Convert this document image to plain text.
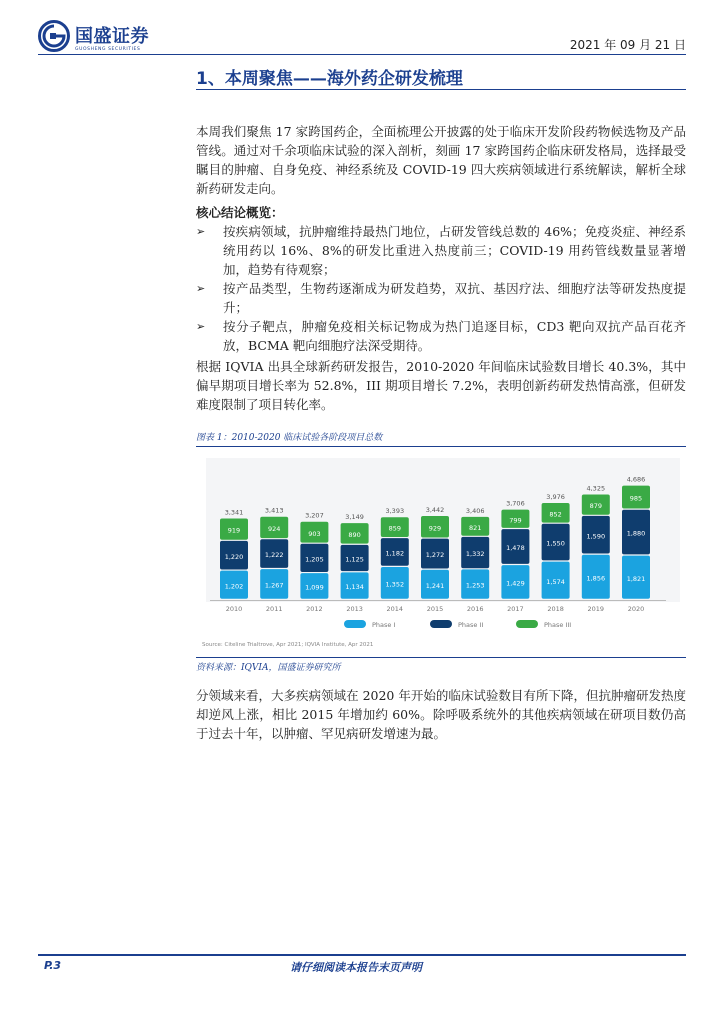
国盛证券
GUOSHENG SECURITIES	2021 年 09 月 21 日
1、本周聚焦——海外药企研发梳理

本周我们聚焦 17 家跨国药企，全面梳理公开披露的处于临床开发阶段药物候选物及产品管线。通过对千余项临床试验的深入剖析，刻画 17 家跨国药企临床研发格局，选择最受瞩目的肿瘤、自身免疫、神经系统及 COVID-19 四大疾病领域进行系统解读，解析全球新药研发走向。

核心结论概览：
➢ 按疾病领域，抗肿瘤维持最热门地位，占研发管线总数的 46%；免疫炎症、神经系统用药以 16%、8%的研发比重进入热度前三；COVID-19 用药管线数量显著增加，趋势有待观察；
➢ 按产品类型，生物药逐渐成为研发趋势，双抗、基因疗法、细胞疗法等研发热度提升；
➢ 按分子靶点，肿瘤免疫相关标记物成为热门追逐目标，CD3 靶向双抗产品百花齐放，BCMA 靶向细胞疗法深受期待。

根据 IQVIA 出具全球新药研发报告，2010-2020 年间临床试验数目增长 40.3%，其中偏早期项目增长率为 52.8%，III 期项目增长 7.2%，表明创新药研发热情高涨，但研发难度限制了项目转化率。

图表 1：2010-2020 临床试验各阶段项目总数
1,202
1,220
919
3,341
2010
1,267
1,222
924
3,413
2011
1,099
1,205
903
3,207
2012
1,134
1,125
890
3,149
2013
1,352
1,182
859
3,393
2014
1,241
1,272
929
3,442
2015
1,253
1,332
821
3,406
2016
1,429
1,478
799
3,706
2017
1,574
1,550
852
3,976
2018
1,856
1,590
879
4,325
2019
1,821
1,880
985
4,686
2020
Phase I	Phase II	Phase III
Source: Citeline Trialtrove, Apr 2021; IQVIA Institute, Apr 2021
资料来源：IQVIA，国盛证券研究所

分领域来看，大多疾病领域在 2020 年开始的临床试验数目有所下降，但抗肿瘤研发热度却逆风上涨，相比 2015 年增加约 60%。除呼吸系统外的其他疾病领域在研项目数仍高于过去十年，以肿瘤、罕见病研发增速为最。

P.3	请仔细阅读本报告末页声明
